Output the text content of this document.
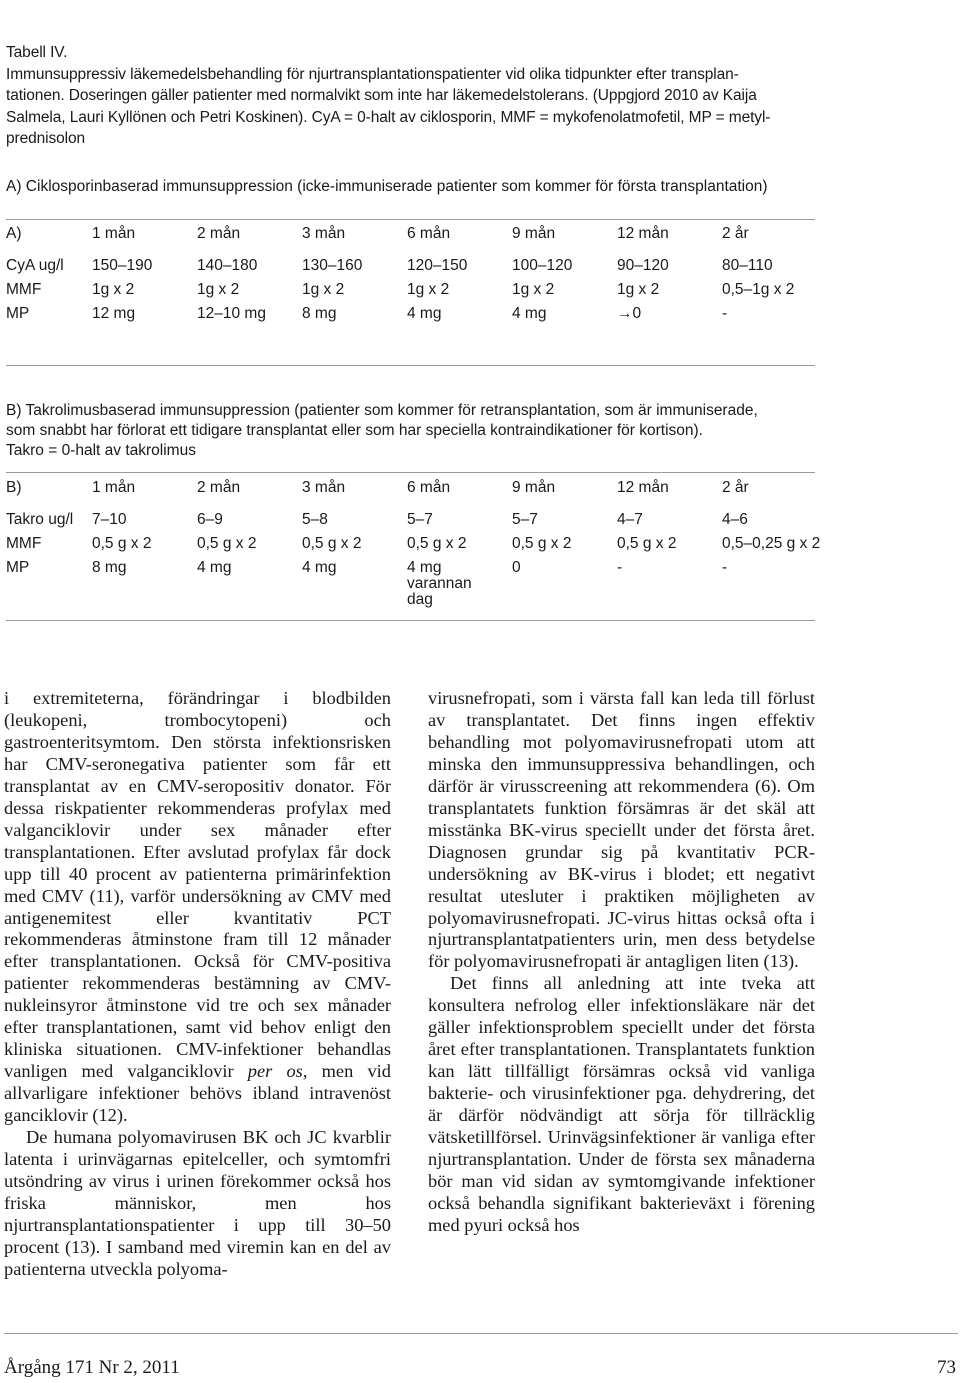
Tabell IV.
Immunsuppressiv läkemedelsbehandling för njurtransplantationspatienter vid olika tidpunkter efter transplan-
tationen. Doseringen gäller patienter med normalvikt som inte har läkemedelstolerans. (Uppgjord 2010 av Kaija
Salmela, Lauri Kyllönen och Petri Koskinen). CyA = 0-halt av ciklosporin, MMF = mykofenolatmofetil, MP = metyl-
prednisolon
A) Ciklosporinbaserad immunsuppression (icke-immuniserade patienter som kommer för första transplantation)
A)	1 mån	2 mån	3 mån	6 mån	9 mån	12 mån	2 år
CyA ug/l	150–190	140–180	130–160	120–150	100–120	90–120	80–110
MMF	1g x 2	1g x 2	1g x 2	1g x 2	1g x 2	1g x 2	0,5–1g x 2
MP	12 mg	12–10 mg	8 mg	4 mg	4 mg	→0	-
B) Takrolimusbaserad immunsuppression (patienter som kommer för retransplantation, som är immuniserade,
som snabbt har förlorat ett tidigare transplantat eller som har speciella kontraindikationer för kortison).
Takro = 0-halt av takrolimus
B)	1 mån	2 mån	3 mån	6 mån	9 mån	12 mån	2 år
Takro ug/l	7–10	6–9	5–8	5–7	5–7	4–7	4–6
MMF	0,5 g x 2	0,5 g x 2	0,5 g x 2	0,5 g x 2	0,5 g x 2	0,5 g x 2	0,5–0,25 g x 2
MP	8 mg	4 mg	4 mg	4 mg
varannan
dag	0	-	-

i extremiteterna, förändringar i blodbilden (leukopeni, trombocytopeni) och gastroenteritsymtom. Den största infektionsrisken har CMV-seronegativa patienter som får ett transplantat av en CMV-seropositiv donator. För dessa riskpatienter rekommenderas profylax med valganciklovir under sex månader efter transplantationen. Efter avslutad profylax får dock upp till 40 procent av patienterna primärinfektion med CMV (11), varför undersökning av CMV med antigenemitest eller kvantitativ PCT rekommenderas åtminstone fram till 12 månader efter transplantationen. Också för CMV-positiva patienter rekommenderas bestämning av CMV-nukleinsyror åtminstone vid tre och sex månader efter transplantationen, samt vid behov enligt den kliniska situationen. CMV-infektioner behandlas vanligen med valganciklovir per os, men vid allvarligare infektioner behövs ibland intravenöst ganciklovir (12).

De humana polyomavirusen BK och JC kvarblir latenta i urinvägarnas epitelceller, och symtomfri utsöndring av virus i urinen förekommer också hos friska människor, men hos njurtransplantationspatienter i upp till 30–50 procent (13). I samband med viremin kan en del av patienterna utveckla polyoma-

virusnefropati, som i värsta fall kan leda till förlust av transplantatet. Det finns ingen effektiv behandling mot polyomavirusnefropati utom att minska den immunsuppressiva behandlingen, och därför är virusscreening att rekommendera (6). Om transplantatets funktion försämras är det skäl att misstänka BK-virus speciellt under det första året. Diagnosen grundar sig på kvantitativ PCR-undersökning av BK-virus i blodet; ett negativt resultat utesluter i praktiken möjligheten av polyomavirusnefropati. JC-virus hittas också ofta i njurtransplantatpatienters urin, men dess betydelse för polyomavirusnefropati är antagligen liten (13).

Det finns all anledning att inte tveka att konsultera nefrolog eller infektionsläkare när det gäller infektionsproblem speciellt under det första året efter transplantationen. Transplantatets funktion kan lätt tillfälligt försämras också vid vanliga bakterie- och virusinfektioner pga. dehydrering, det är därför nödvändigt att sörja för tillräcklig vätsketillförsel. Urinvägsinfektioner är vanliga efter njurtransplantation. Under de första sex månaderna bör man vid sidan av symtomgivande infektioner också behandla signifikant bakterieväxt i förening med pyuri också hos

Årgång 171 Nr 2, 2011	73
